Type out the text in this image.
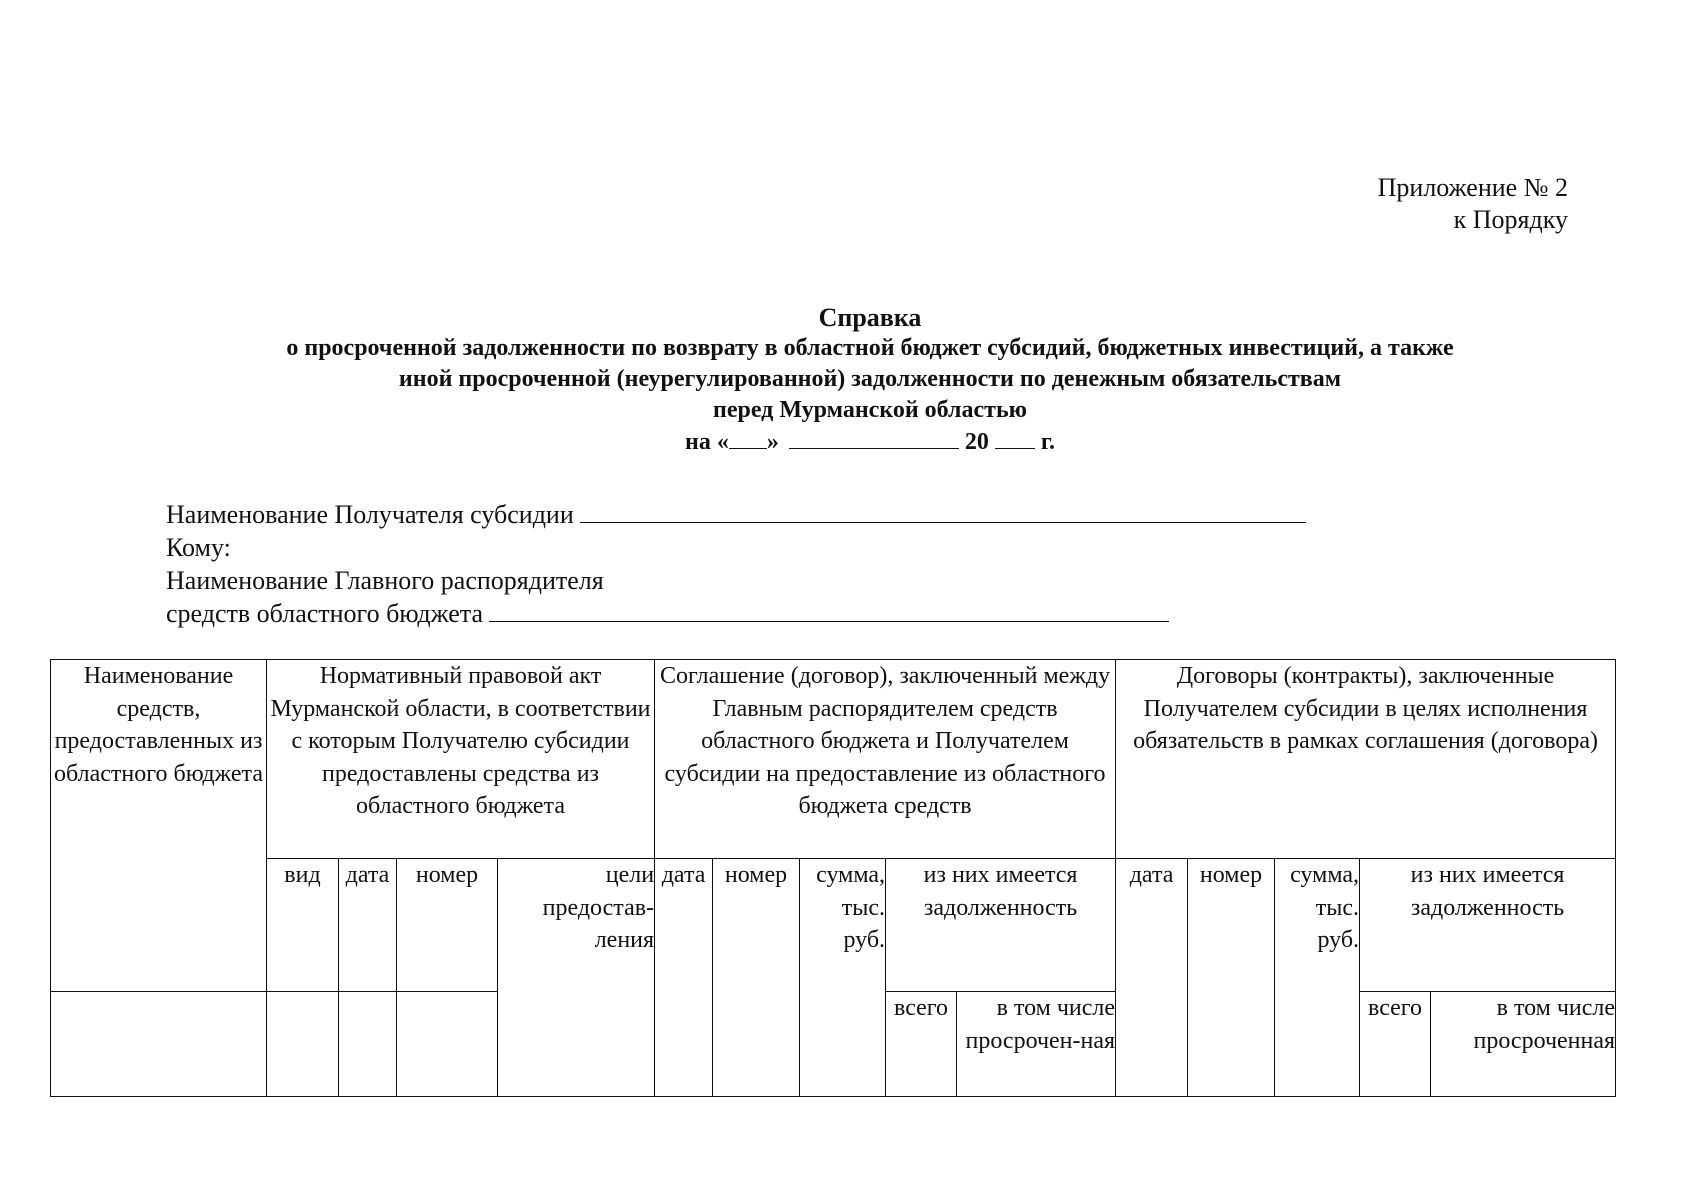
Приложение № 2
к Порядку
Справка
о просроченной задолженности по возврату в областной бюджет субсидий, бюджетных инвестиций, а также
иной просроченной (неурегулированной) задолженности по денежным обязательствам
перед Мурманской областью
на « »	20 г.
Наименование Получателя субсидии
Кому:
Наименование Главного распорядителя
средств областного бюджета
Наименование средств, предоставленных из областного бюджета	Нормативный правовой акт Мурманской области, в соответствии с которым Получателю субсидии предоставлены средства из областного бюджета				Соглашение (договор), заключенный между Главным распорядителем средств областного бюджета и Получателем субсидии на предоставление из областного бюджета средств					Договоры (контракты), заключенные Получателем субсидии в целях исполнения обязательств в рамках соглашения (договора)				
	вид	дата	номер	цели предостав-ления	дата	номер	сумма, тыс. руб.	из них имеется задолженность		дата	номер	сумма, тыс. руб.	из них имеется задолженность	
								всего	в том числе просрочен-ная				всего	в том числе просроченная
